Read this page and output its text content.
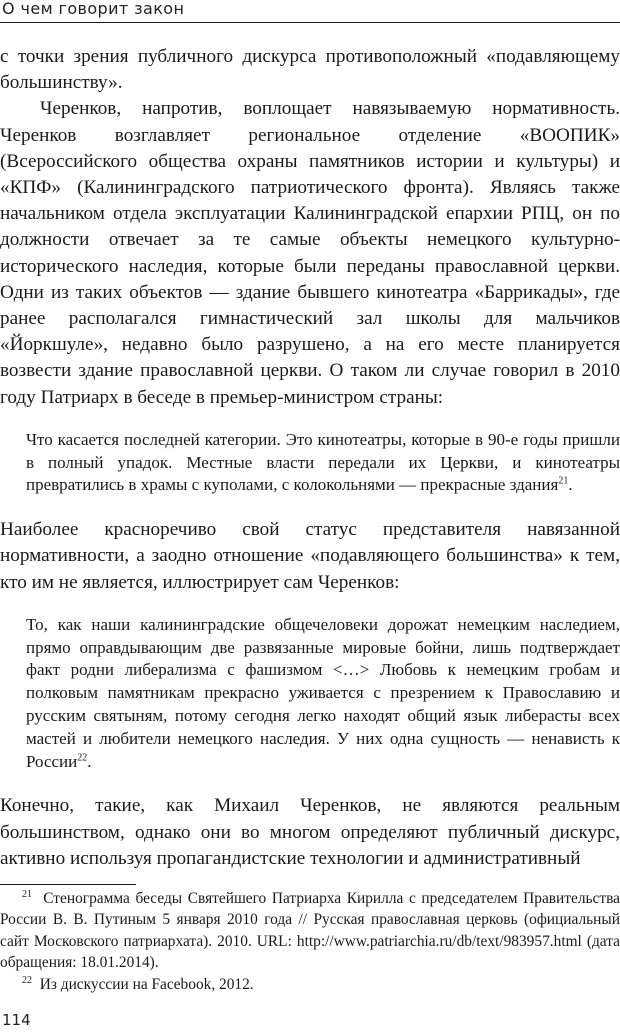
О чем говорит закон

с точки зрения публичного дискурса противоположный «подавляющему большинству».

Черенков, напротив, воплощает навязываемую нормативность. Черенков возглавляет региональное отделение «ВООПИК» (Всероссийского общества охраны памятников истории и культуры) и «КПФ» (Калининградского патриотического фронта). Являясь также начальником отдела эксплуатации Калининградской епархии РПЦ, он по должности отвечает за те самые объекты немецкого культурно-исторического наследия, которые были переданы православной церкви. Одни из таких объектов — здание бывшего кинотеатра «Баррикады», где ранее располагался гимнастический зал школы для мальчиков «Йоркшуле», недавно было разрушено, а на его месте планируется возвести здание православной церкви. О таком ли случае говорил в 2010 году Патриарх в беседе в премьер-министром страны:

Что касается последней категории. Это кинотеатры, которые в 90-е годы пришли в полный упадок. Местные власти передали их Церкви, и кинотеатры превратились в храмы с куполами, с колокольнями — прекрасные здания$^{21}$.

Наиболее красноречиво свой статус представителя навязанной нормативности, а заодно отношение «подавляющего большинства» к тем, кто им не является, иллюстрирует сам Черенков:

То, как наши калининградские общечеловеки дорожат немецким наследием, прямо оправдывающим две развязанные мировые бойни, лишь подтверждает факт родни либерализма с фашизмом <…> Любовь к немецким гробам и полковым памятникам прекрасно уживается с презрением к Православию и русским святыням, потому сегодня легко находят общий язык либерасты всех мастей и любители немецкого наследия. У них одна сущность — ненависть к России$^{22}$.

Конечно, такие, как Михаил Черенков, не являются реальным большинством, однако они во многом определяют публичный дискурс, активно используя пропагандистские технологии и административный

$^{21}$ Стенограмма беседы Святейшего Патриарха Кирилла с председателем Правительства России В. В. Путиным 5 января 2010 года // Русская православная церковь (официальный сайт Московского патриархата). 2010. URL: http://www.patriarchia.ru/db/text/983957.html (дата обращения: 18.01.2014).

$^{22}$ Из дискуссии на Facebook, 2012.

114
